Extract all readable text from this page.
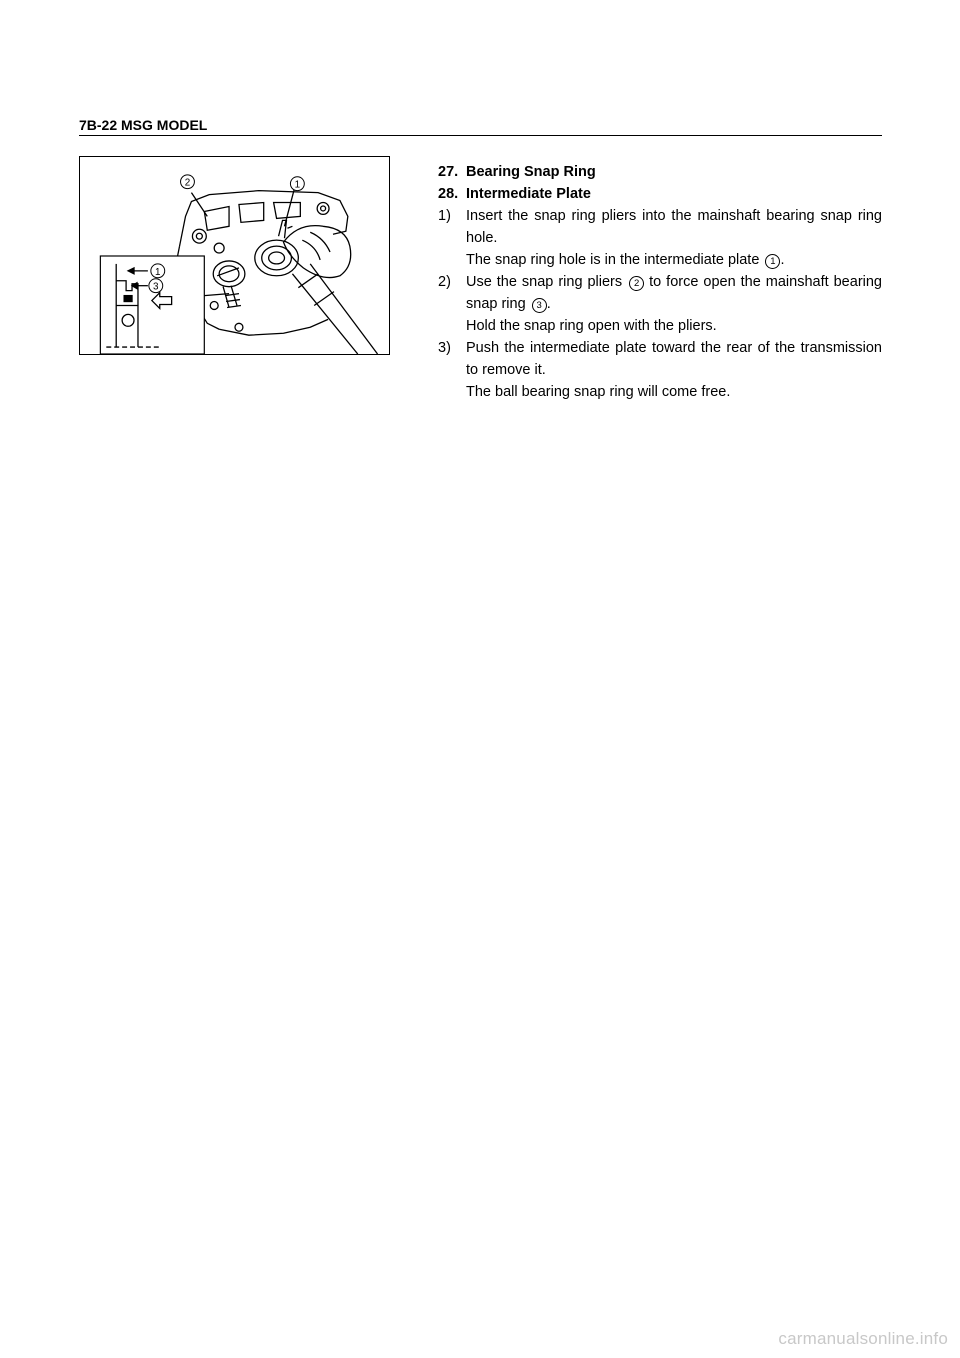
7B-22 MSG MODEL
2	1
1
3
27. Bearing Snap Ring
28. Intermediate Plate
1)	Insert the snap ring pliers into the mainshaft bearing snap ring hole.
The snap ring hole is in the intermediate plate 1 .
2)	Use the snap ring pliers 2 to force open the mainshaft bearing snap ring 3 .
Hold the snap ring open with the pliers.
3)	Push the intermediate plate toward the rear of the transmission to remove it.
The ball bearing snap ring will come free.
carmanualsonline.info
